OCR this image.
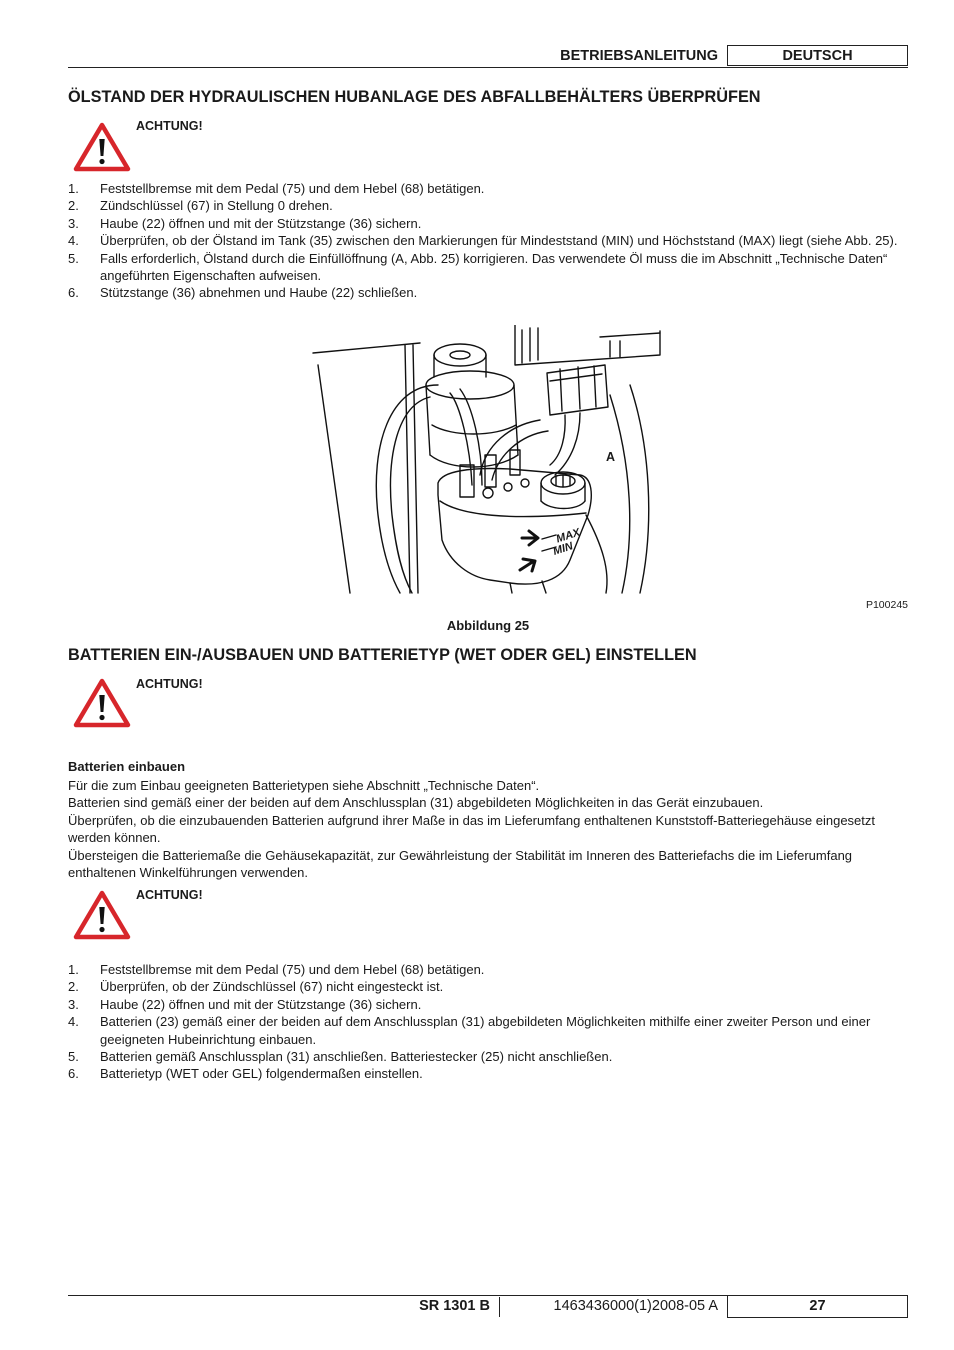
BETRIEBSANLEITUNG	DEUTSCH
ÖLSTAND DER HYDRAULISCHEN HUBANLAGE DES ABFALLBEHÄLTERS ÜBERPRÜFEN
ACHTUNG!
1. Feststellbremse mit dem Pedal (75) und dem Hebel (68) betätigen.
2. Zündschlüssel (67) in Stellung 0 drehen.
3. Haube (22) öffnen und mit der Stützstange (36) sichern.
4. Überprüfen, ob der Ölstand im Tank (35) zwischen den Markierungen für Mindeststand (MIN) und Höchststand (MAX) liegt (siehe Abb. 25).
5. Falls erforderlich, Ölstand durch die Einfüllöffnung (A, Abb. 25) korrigieren. Das verwendete Öl muss die im Abschnitt „Technische Daten“ angeführten Eigenschaften aufweisen.
6. Stützstange (36) abnehmen und Haube (22) schließen.
A
MAX
MIN
P100245
Abbildung 25
BATTERIEN EIN-/AUSBAUEN UND BATTERIETYP (WET ODER GEL) EINSTELLEN
ACHTUNG!
Batterien einbauen

Für die zum Einbau geeigneten Batterietypen siehe Abschnitt „Technische Daten“.

Batterien sind gemäß einer der beiden auf dem Anschlussplan (31) abgebildeten Möglichkeiten in das Gerät einzubauen.

Überprüfen, ob die einzubauenden Batterien aufgrund ihrer Maße in das im Lieferumfang enthaltenen Kunststoff-Batteriegehäuse eingesetzt werden können.

Übersteigen die Batteriemaße die Gehäusekapazität, zur Gewährleistung der Stabilität im Inneren des Batteriefachs die im Lieferumfang enthaltenen Winkelführungen verwenden.

ACHTUNG!
1. Feststellbremse mit dem Pedal (75) und dem Hebel (68) betätigen.
2. Überprüfen, ob der Zündschlüssel (67) nicht eingesteckt ist.
3. Haube (22) öffnen und mit der Stützstange (36) sichern.
4. Batterien (23) gemäß einer der beiden auf dem Anschlussplan (31) abgebildeten Möglichkeiten mithilfe einer zweiter Person und einer geeigneten Hubeinrichtung einbauen.
5. Batterien gemäß Anschlussplan (31) anschließen. Batteriestecker (25) nicht anschließen.
6. Batterietyp (WET oder GEL) folgendermaßen einstellen.
SR 1301 B	1463436000(1)2008-05 A	27
